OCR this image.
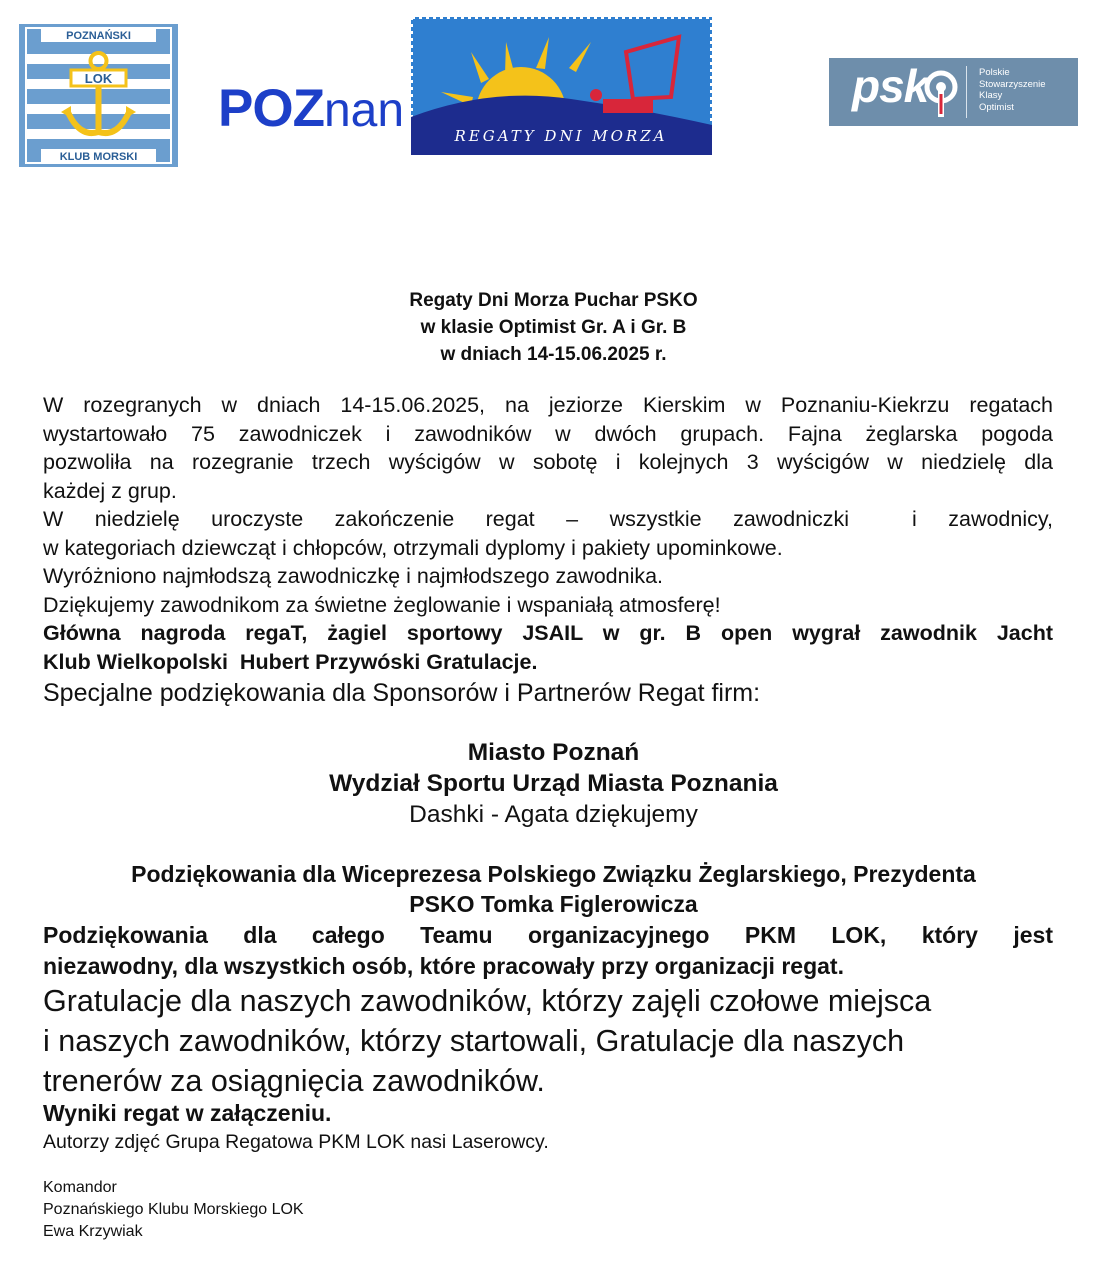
POZNAŃSKI
KLUB MORSKI
LOK
POZnan	REGATY DNI MORZA
psk	Polskie
Stowarzyszenie
Klasy
Optimist
Regaty Dni Morza Puchar PSKO
w klasie Optimist Gr. A i Gr. B
w dniach 14-15.06.2025 r.
W rozegranych w dniach 14-15.06.2025, na jeziorze Kierskim w Poznaniu-Kiekrzu regatach
wystartowało 75 zawodniczek i zawodników w dwóch grupach. Fajna żeglarska pogoda
pozwoliła na rozegranie trzech wyścigów w sobotę i kolejnych 3 wyścigów w niedzielę dla
każdej z grup.
W niedzielę uroczyste zakończenie regat – wszystkie zawodniczki  i zawodnicy,
w kategoriach dziewcząt i chłopców, otrzymali dyplomy i pakiety upominkowe.
Wyróżniono najmłodszą zawodniczkę i najmłodszego zawodnika.
Dziękujemy zawodnikom za świetne żeglowanie i wspaniałą atmosferę!
Główna nagroda regaT, żagiel sportowy JSAIL w gr. B open wygrał zawodnik Jacht
Klub Wielkopolski  Hubert Przywóski Gratulacje.
Specjalne podziękowania dla Sponsorów i Partnerów Regat firm:
Miasto Poznań
Wydział Sportu Urząd Miasta Poznania
Dashki - Agata dziękujemy
Podziękowania dla Wiceprezesa Polskiego Związku Żeglarskiego, Prezydenta
PSKO Tomka Figlerowicza
Podziękowania dla całego Teamu organizacyjnego PKM LOK, który jest
niezawodny, dla wszystkich osób, które pracowały przy organizacji regat.
Gratulacje dla naszych zawodników, którzy zajęli czołowe miejsca
i naszych zawodników, którzy startowali, Gratulacje dla naszych
trenerów za osiągnięcia zawodników.
Wyniki regat w załączeniu.
Autorzy zdjęć Grupa Regatowa PKM LOK nasi Laserowcy.
Komandor
Poznańskiego Klubu Morskiego LOK
Ewa Krzywiak
